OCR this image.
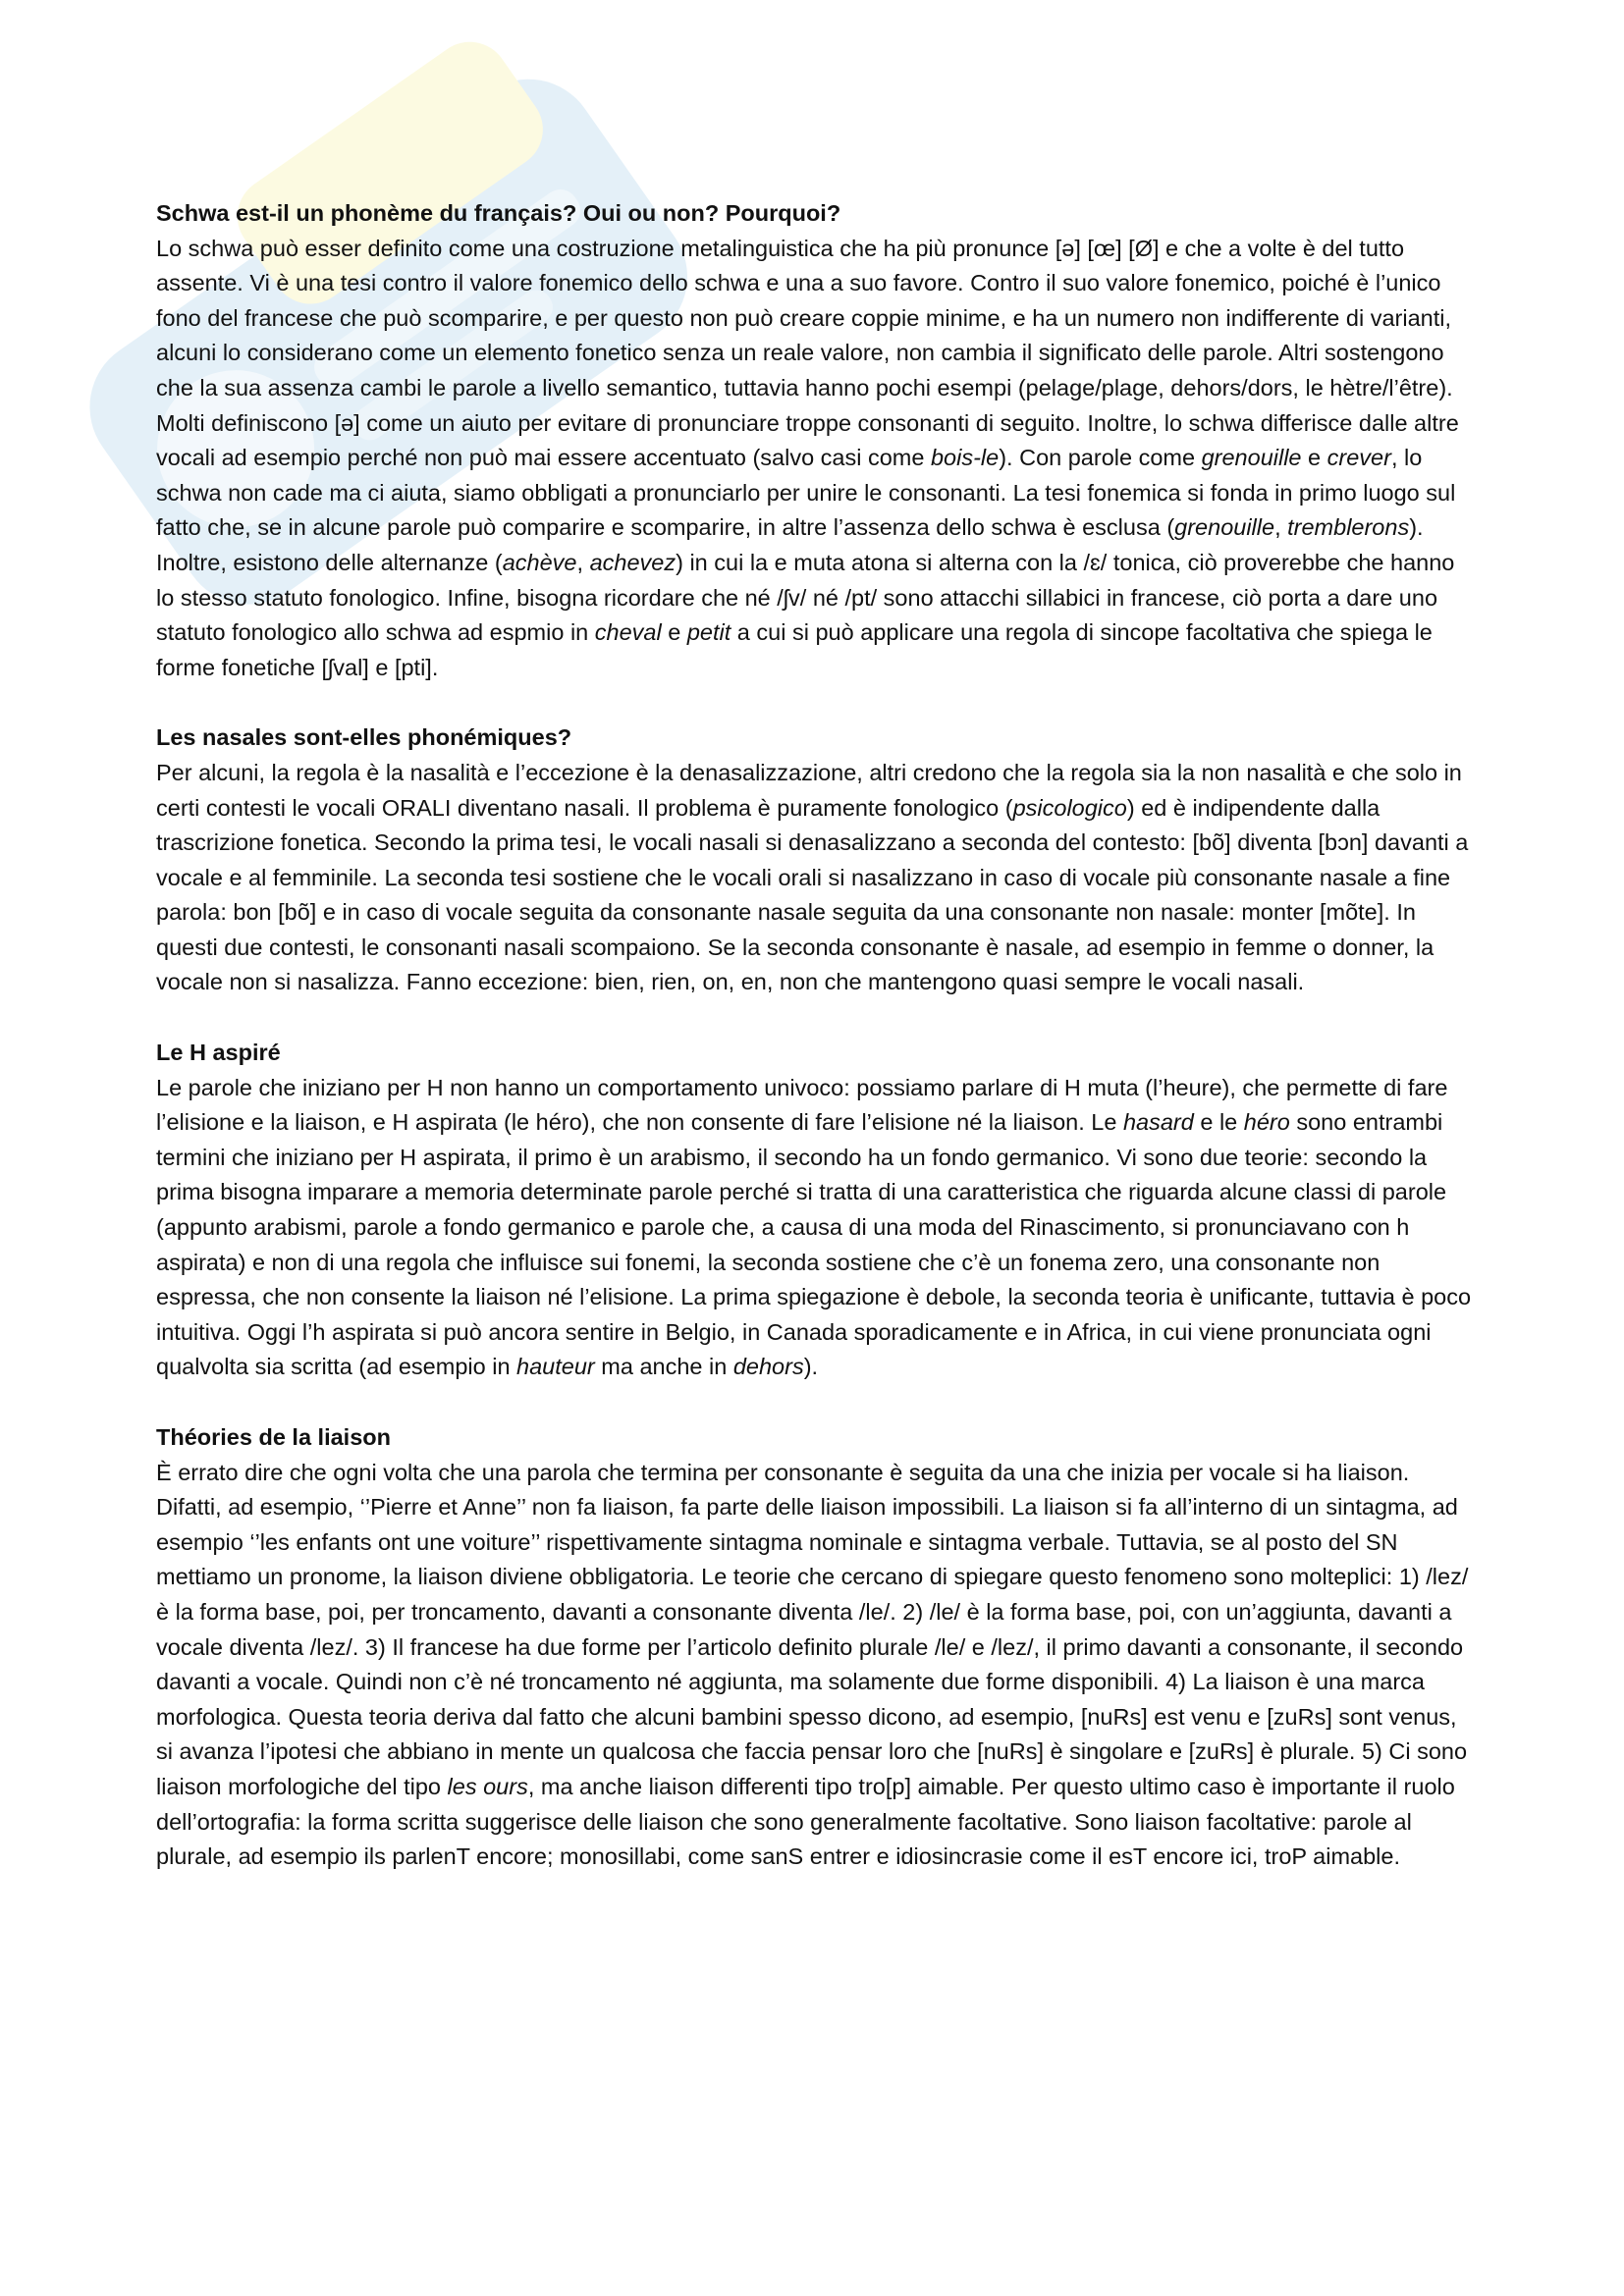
Schwa est-il un phonème du français? Oui ou non? Pourquoi?

Lo schwa può esser definito come una costruzione metalinguistica che ha più pronunce [ə] [œ] [Ø] e che a volte è del tutto assente. Vi è una tesi contro il valore fonemico dello schwa e una a suo favore. Contro il suo valore fonemico, poiché è l’unico fono del francese che può scomparire, e per questo non può creare coppie minime, e ha un numero non indifferente di varianti, alcuni lo considerano come un elemento fonetico senza un reale valore, non cambia il significato delle parole. Altri sostengono che la sua assenza cambi le parole a livello semantico, tuttavia hanno pochi esempi (pelage/plage, dehors/dors, le hètre/l’être). Molti definiscono [ə] come un aiuto per evitare di pronunciare troppe consonanti di seguito. Inoltre, lo schwa differisce dalle altre vocali ad esempio perché non può mai essere accentuato (salvo casi come bois-le). Con parole come grenouille e crever, lo schwa non cade ma ci aiuta, siamo obbligati a pronunciarlo per unire le consonanti. La tesi fonemica si fonda in primo luogo sul fatto che, se in alcune parole può comparire e scomparire, in altre l’assenza dello schwa è esclusa (grenouille, tremblerons). Inoltre, esistono delle alternanze (achève, achevez) in cui la e muta atona si alterna con la /ɛ/ tonica, ciò proverebbe che hanno lo stesso statuto fonologico. Infine, bisogna ricordare che né /ʃv/ né /pt/ sono attacchi sillabici in francese, ciò porta a dare uno statuto fonologico allo schwa ad espmio in cheval e petit a cui si può applicare una regola di sincope facoltativa che spiega le forme fonetiche [ʃval] e [pti].

Les nasales sont-elles phonémiques?

Per alcuni, la regola è la nasalità e l’eccezione è la denasalizzazione, altri credono che la regola sia la non nasalità e che solo in certi contesti le vocali ORALI diventano nasali. Il problema è puramente fonologico (psicologico) ed è indipendente dalla trascrizione fonetica. Secondo la prima tesi, le vocali nasali si denasalizzano a seconda del contesto: [bõ] diventa [bɔn] davanti a vocale e al femminile. La seconda tesi sostiene che le vocali orali si nasalizzano in caso di vocale più consonante nasale a fine parola: bon [bõ] e in caso di vocale seguita da consonante nasale seguita da una consonante non nasale: monter [mõte]. In questi due contesti, le consonanti nasali scompaiono. Se la seconda consonante è nasale, ad esempio in femme o donner, la vocale non si nasalizza. Fanno eccezione: bien, rien, on, en, non che mantengono quasi sempre le vocali nasali.

Le H aspiré

Le parole che iniziano per H non hanno un comportamento univoco: possiamo parlare di H muta (l’heure), che permette di fare l’elisione e la liaison, e H aspirata (le héro), che non consente di fare l’elisione né la liaison. Le hasard e le héro sono entrambi termini che iniziano per H aspirata, il primo è un arabismo, il secondo ha un fondo germanico. Vi sono due teorie: secondo la prima bisogna imparare a memoria determinate parole perché si tratta di una caratteristica che riguarda alcune classi di parole (appunto arabismi, parole a fondo germanico e parole che, a causa di una moda del Rinascimento, si pronunciavano con h aspirata) e non di una regola che influisce sui fonemi, la seconda sostiene che c’è un fonema zero, una consonante non espressa, che non consente la liaison né l’elisione. La prima spiegazione è debole, la seconda teoria è unificante, tuttavia è poco intuitiva. Oggi l’h aspirata si può ancora sentire in Belgio, in Canada sporadicamente e in Africa, in cui viene pronunciata ogni qualvolta sia scritta (ad esempio in hauteur ma anche in dehors).

Théories de la liaison

È errato dire che ogni volta che una parola che termina per consonante è seguita da una che inizia per vocale si ha liaison. Difatti, ad esempio, ‘’Pierre et Anne’’ non fa liaison, fa parte delle liaison impossibili. La liaison si fa all’interno di un sintagma, ad esempio ‘’les enfants ont une voiture’’ rispettivamente sintagma nominale e sintagma verbale. Tuttavia, se al posto del SN mettiamo un pronome, la liaison diviene obbligatoria. Le teorie che cercano di spiegare questo fenomeno sono molteplici: 1) /lez/ è la forma base, poi, per troncamento, davanti a consonante diventa /le/. 2) /le/ è la forma base, poi, con un’aggiunta, davanti a vocale diventa /lez/. 3) Il francese ha due forme per l’articolo definito plurale /le/ e /lez/, il primo davanti a consonante, il secondo davanti a vocale. Quindi non c’è né troncamento né aggiunta, ma solamente due forme disponibili. 4) La liaison è una marca morfologica. Questa teoria deriva dal fatto che alcuni bambini spesso dicono, ad esempio, [nuRs] est venu e [zuRs] sont venus, si avanza l’ipotesi che abbiano in mente un qualcosa che faccia pensar loro che [nuRs] è singolare e [zuRs] è plurale. 5) Ci sono liaison morfologiche del tipo les ours, ma anche liaison differenti tipo tro[p] aimable. Per questo ultimo caso è importante il ruolo dell’ortografia: la forma scritta suggerisce delle liaison che sono generalmente facoltative. Sono liaison facoltative: parole al plurale, ad esempio ils parlenT encore; monosillabi, come sanS entrer e idiosincrasie come il esT encore ici, troP aimable.
